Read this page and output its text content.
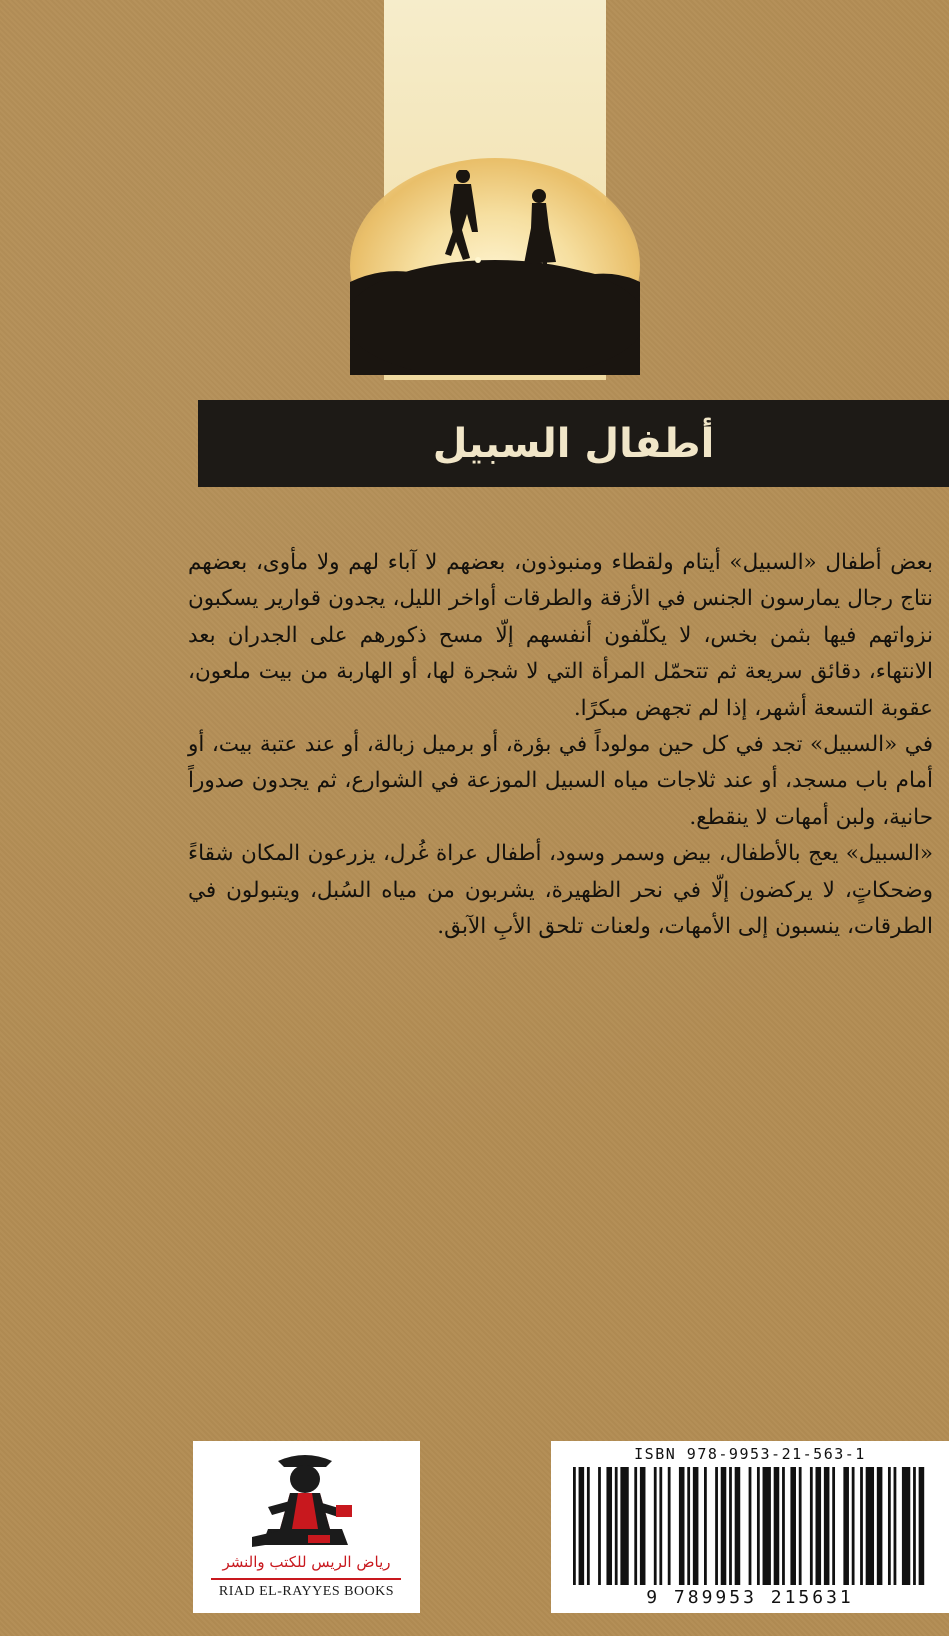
أطفال السبيل

بعض أطفال «السبيل» أيتام ولقطاء ومنبوذون، بعضهم لا آباء لهم ولا مأوى، بعضهم نتاج رجال يمارسون الجنس في الأزقة والطرقات أواخر الليل، يجدون قوارير يسكبون نزواتهم فيها بثمن بخس، لا يكلّفون أنفسهم إلّا مسح ذكورهم على الجدران بعد الانتهاء، دقائق سريعة ثم تتحمّل المرأة التي لا شجرة لها، أو الهاربة من بيت ملعون، عقوبة التسعة أشهر، إذا لم تجهض مبكرًا.

في «السبيل» تجد في كل حين مولوداً في بؤرة، أو برميل زبالة، أو عند عتبة بيت، أو أمام باب مسجد، أو عند ثلاجات مياه السبيل الموزعة في الشوارع، ثم يجدون صدوراً حانية، ولبن أمهات لا ينقطع.

«السبيل» يعج بالأطفال، بيض وسمر وسود، أطفال عراة غُرل، يزرعون المكان شقاءً وضحكاتٍ، لا يركضون إلّا في نحر الظهيرة، يشربون من مياه السُبل، ويتبولون في الطرقات، ينسبون إلى الأمهات، ولعنات تلحق الأبِ الآبق.

رياض الريس للكتب والنشر
RIAD EL-RAYYES BOOKS
ISBN 978-9953-21-563-1
9 789953 215631
